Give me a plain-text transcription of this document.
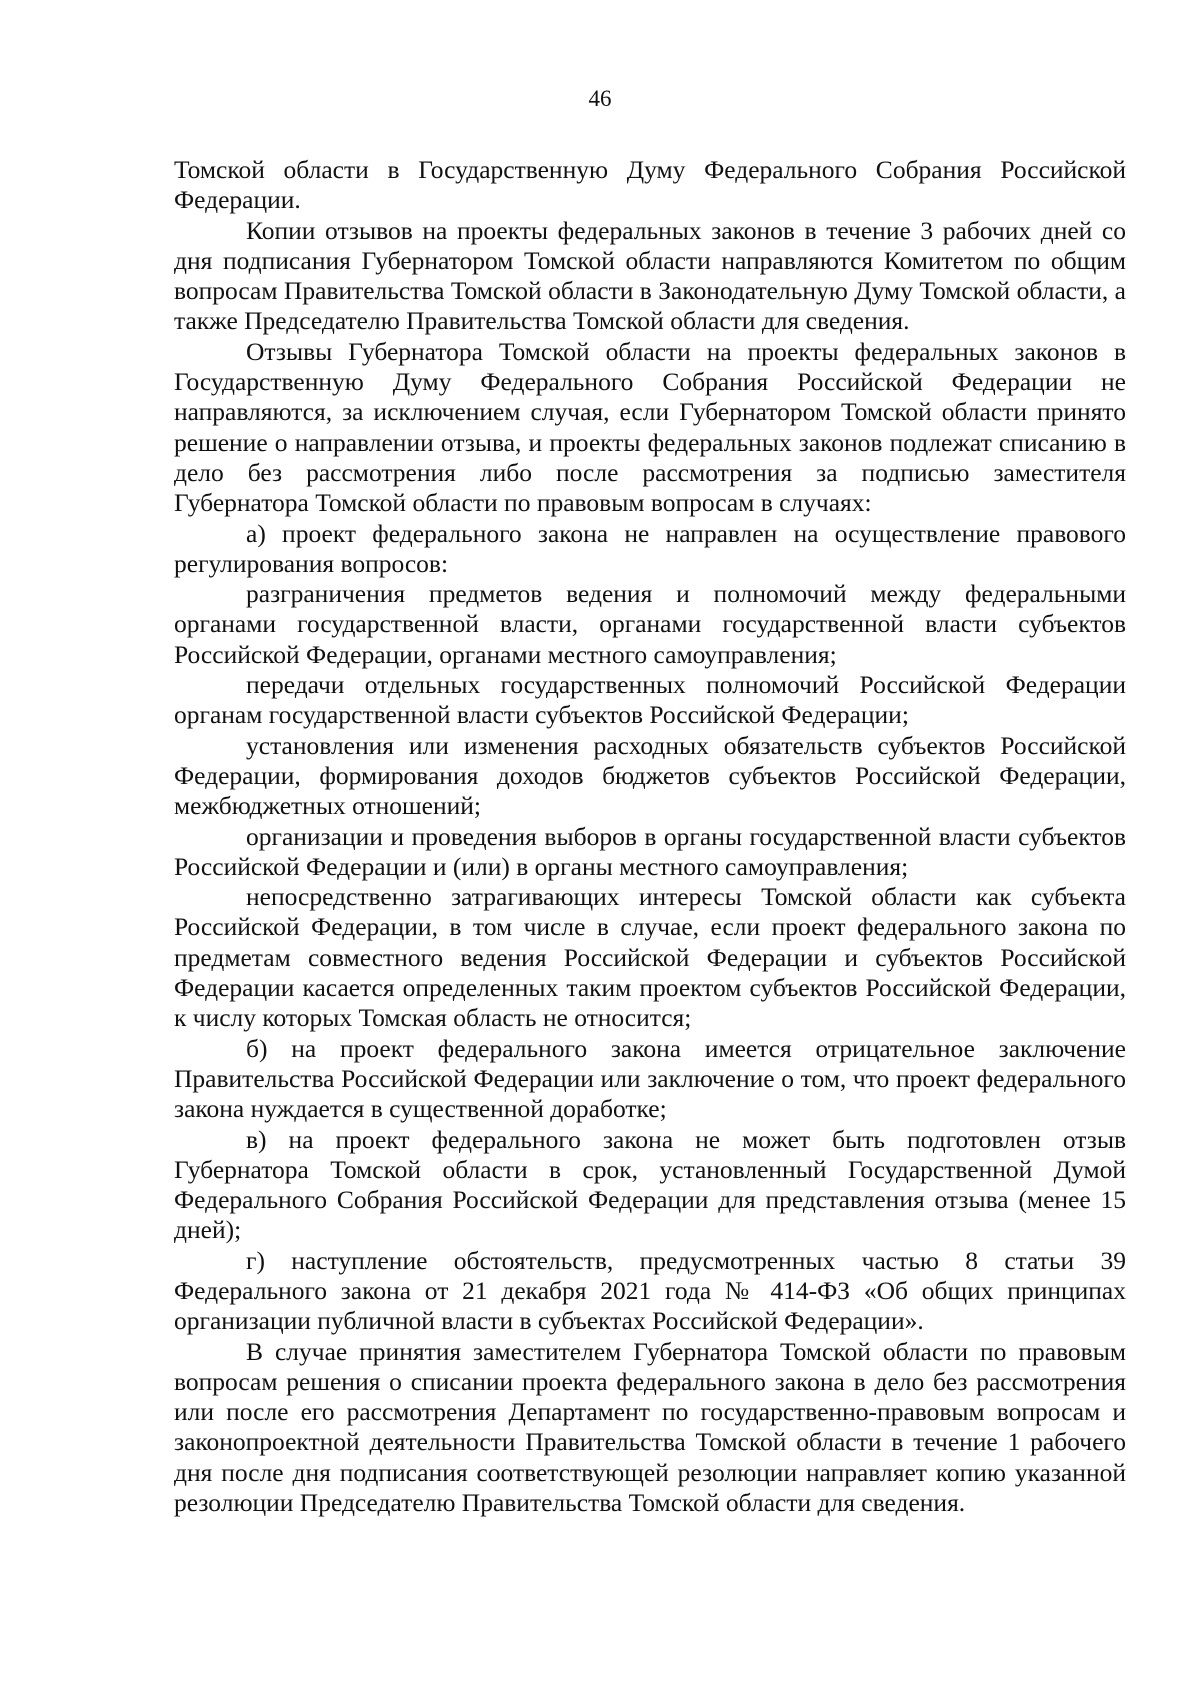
46

Томской области в Государственную Думу Федерального Собрания Российской Федерации.

Копии отзывов на проекты федеральных законов в течение 3 рабочих дней со дня подписания Губернатором Томской области направляются Комитетом по общим вопросам Правительства Томской области в Законодательную Думу Томской области, а также Председателю Правительства Томской области для сведения.

Отзывы Губернатора Томской области на проекты федеральных законов в Государственную Думу Федерального Собрания Российской Федерации не направляются, за исключением случая, если Губернатором Томской области принято решение о направлении отзыва, и проекты федеральных законов подлежат списанию в дело без рассмотрения либо после рассмотрения за подписью заместителя Губернатора Томской области по правовым вопросам в случаях:

а) проект федерального закона не направлен на осуществление правового регулирования вопросов:

разграничения предметов ведения и полномочий между федеральными органами государственной власти, органами государственной власти субъектов Российской Федерации, органами местного самоуправления;

передачи отдельных государственных полномочий Российской Федерации органам государственной власти субъектов Российской Федерации;

установления или изменения расходных обязательств субъектов Российской Федерации, формирования доходов бюджетов субъектов Российской Федерации, межбюджетных отношений;

организации и проведения выборов в органы государственной власти субъектов Российской Федерации и (или) в органы местного самоуправления;

непосредственно затрагивающих интересы Томской области как субъекта Российской Федерации, в том числе в случае, если проект федерального закона по предметам совместного ведения Российской Федерации и субъектов Российской Федерации касается определенных таким проектом субъектов Российской Федерации, к числу которых Томская область не относится;

б) на проект федерального закона имеется отрицательное заключение Правительства Российской Федерации или заключение о том, что проект федерального закона нуждается в существенной доработке;

в) на проект федерального закона не может быть подготовлен отзыв Губернатора Томской области в срок, установленный Государственной Думой Федерального Собрания Российской Федерации для представления отзыва (менее 15 дней);

г) наступление обстоятельств, предусмотренных частью 8 статьи 39 Федерального закона от 21 декабря 2021 года № 414-ФЗ «Об общих принципах организации публичной власти в субъектах Российской Федерации».

В случае принятия заместителем Губернатора Томской области по правовым вопросам решения о списании проекта федерального закона в дело без рассмотрения или после его рассмотрения Департамент по государственно-правовым вопросам и законопроектной деятельности Правительства Томской области в течение 1 рабочего дня после дня подписания соответствующей резолюции направляет копию указанной резолюции Председателю Правительства Томской области для сведения.
